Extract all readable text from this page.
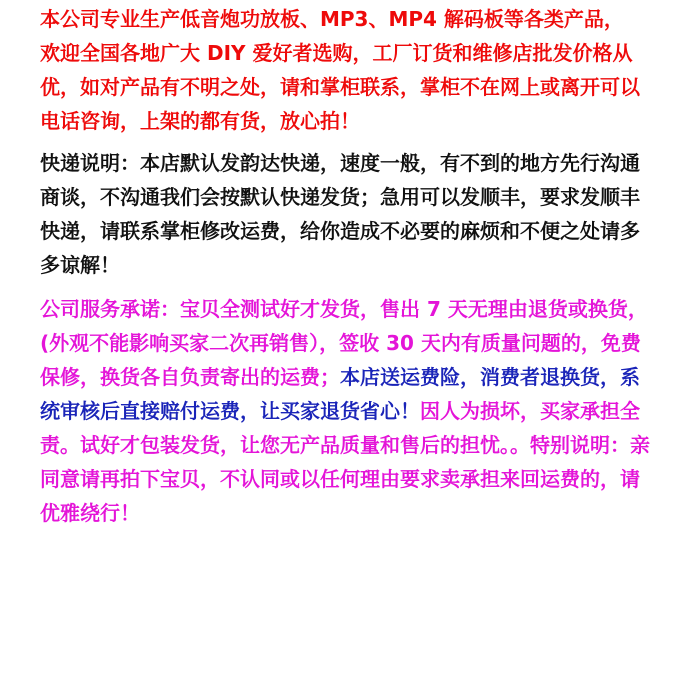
本公司专业生产低音炮功放板、MP3、MP4 解码板等各类产品，
欢迎全国各地广大 DIY 爱好者选购，工厂订货和维修店批发价格从
优，如对产品有不明之处，请和掌柜联系，掌柜不在网上或离开可以
电话咨询，上架的都有货，放心拍！
快递说明：本店默认发韵达快递，速度一般，有不到的地方先行沟通
商谈，不沟通我们会按默认快递发货；急用可以发顺丰，要求发顺丰
快递，请联系掌柜修改运费，给你造成不必要的麻烦和不便之处请多
多谅解！
公司服务承诺：宝贝全测试好才发货，售出 7 天无理由退货或换货，
(外观不能影响买家二次再销售），签收 30 天内有质量问题的，免费
保修，换货各自负责寄出的运费； 本店送运费险，消费者退换货，系
统审核后直接赔付运费，让买家退货省心！ 因人为损坏，买家承担全
责。试好才包装发货，让您无产品质量和售后的担忧。。特别说明：亲
同意请再拍下宝贝，不认同或以任何理由要求卖承担来回运费的，请
优雅绕行！
